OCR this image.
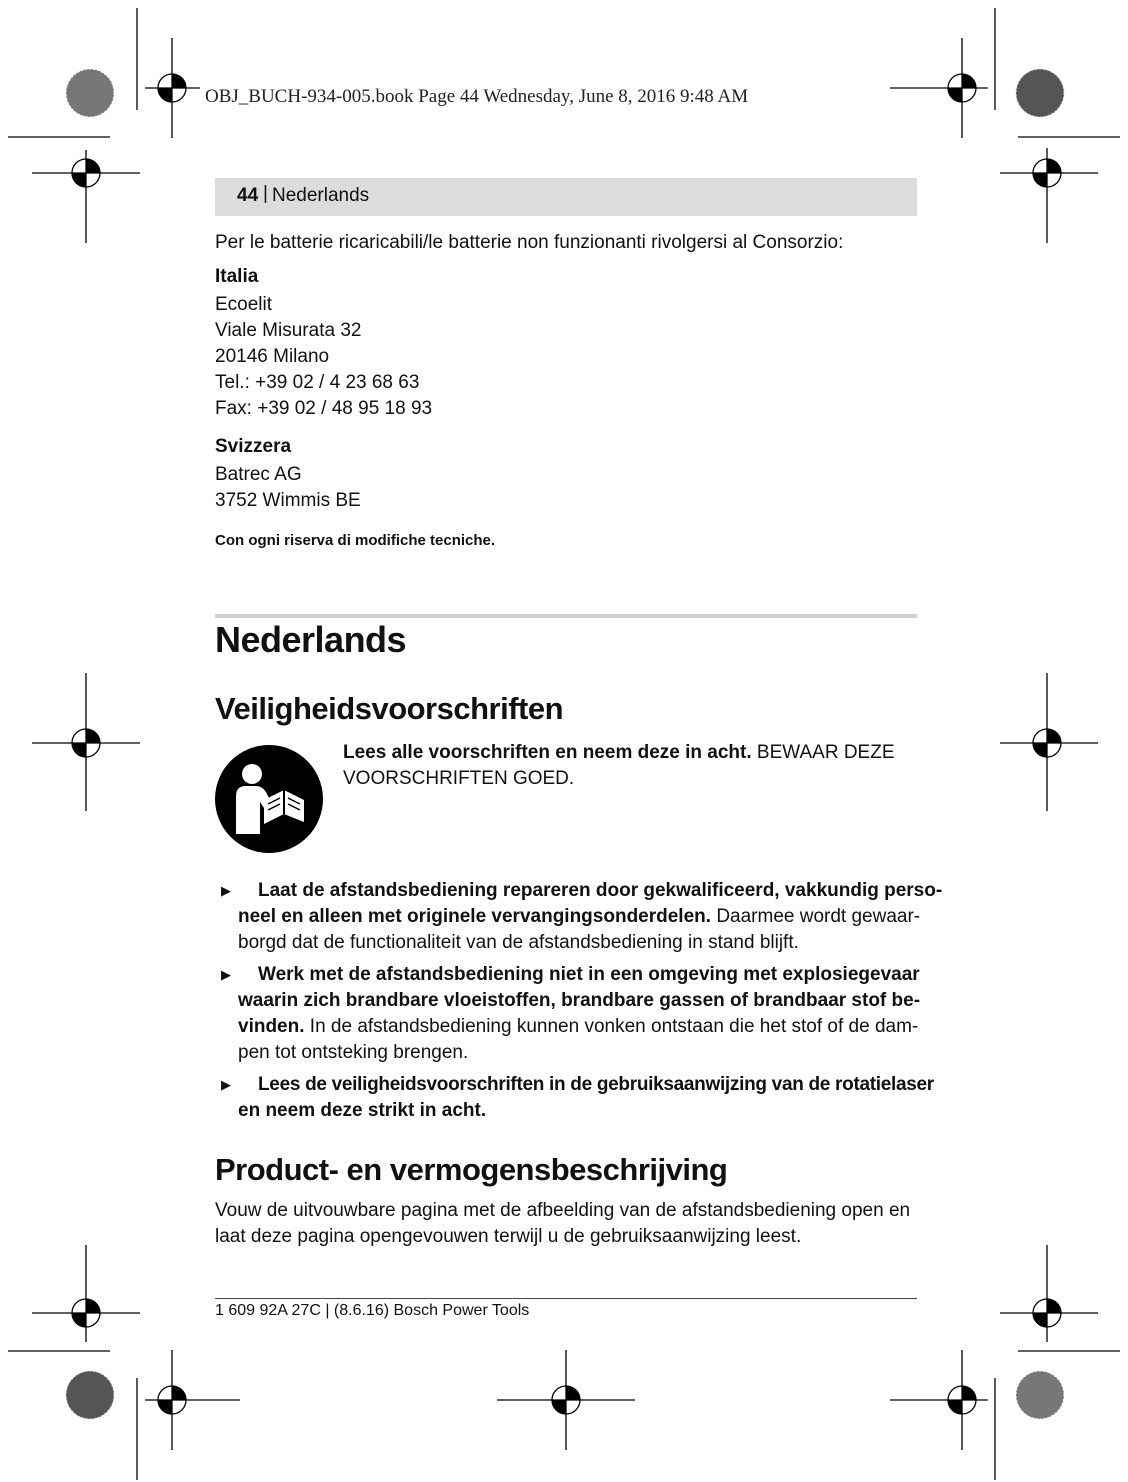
OBJ_BUCH-934-005.book Page 44 Wednesday, June 8, 2016 9:48 AM
44 | Nederlands
Per le batterie ricaricabili/le batterie non funzionanti rivolgersi al Consorzio:
Italia
Ecoelit
Viale Misurata 32
20146 Milano
Tel.: +39 02 / 4 23 68 63
Fax: +39 02 / 48 95 18 93
Svizzera
Batrec AG
3752 Wimmis BE
Con ogni riserva di modifiche tecniche.
Nederlands
Veiligheidsvoorschriften
Lees alle voorschriften en neem deze in acht. BEWAAR DEZE
VOORSCHRIFTEN GOED.
▶	Laat de afstandsbediening repareren door gekwalificeerd, vakkundig perso-
neel en alleen met originele vervangingsonderdelen. Daarmee wordt gewaar-
borgd dat de functionaliteit van de afstandsbediening in stand blijft.
▶	Werk met de afstandsbediening niet in een omgeving met explosiegevaar
waarin zich brandbare vloeistoffen, brandbare gassen of brandbaar stof be-
vinden. In de afstandsbediening kunnen vonken ontstaan die het stof of de dam-
pen tot ontsteking brengen.
▶	Lees de veiligheidsvoorschriften in de gebruiksaanwijzing van de rotatielaser
en neem deze strikt in acht.
Product- en vermogensbeschrijving
Vouw de uitvouwbare pagina met de afbeelding van de afstandsbediening open en
laat deze pagina opengevouwen terwijl u de gebruiksaanwijzing leest.
1 609 92A 27C | (8.6.16) Bosch Power Tools
